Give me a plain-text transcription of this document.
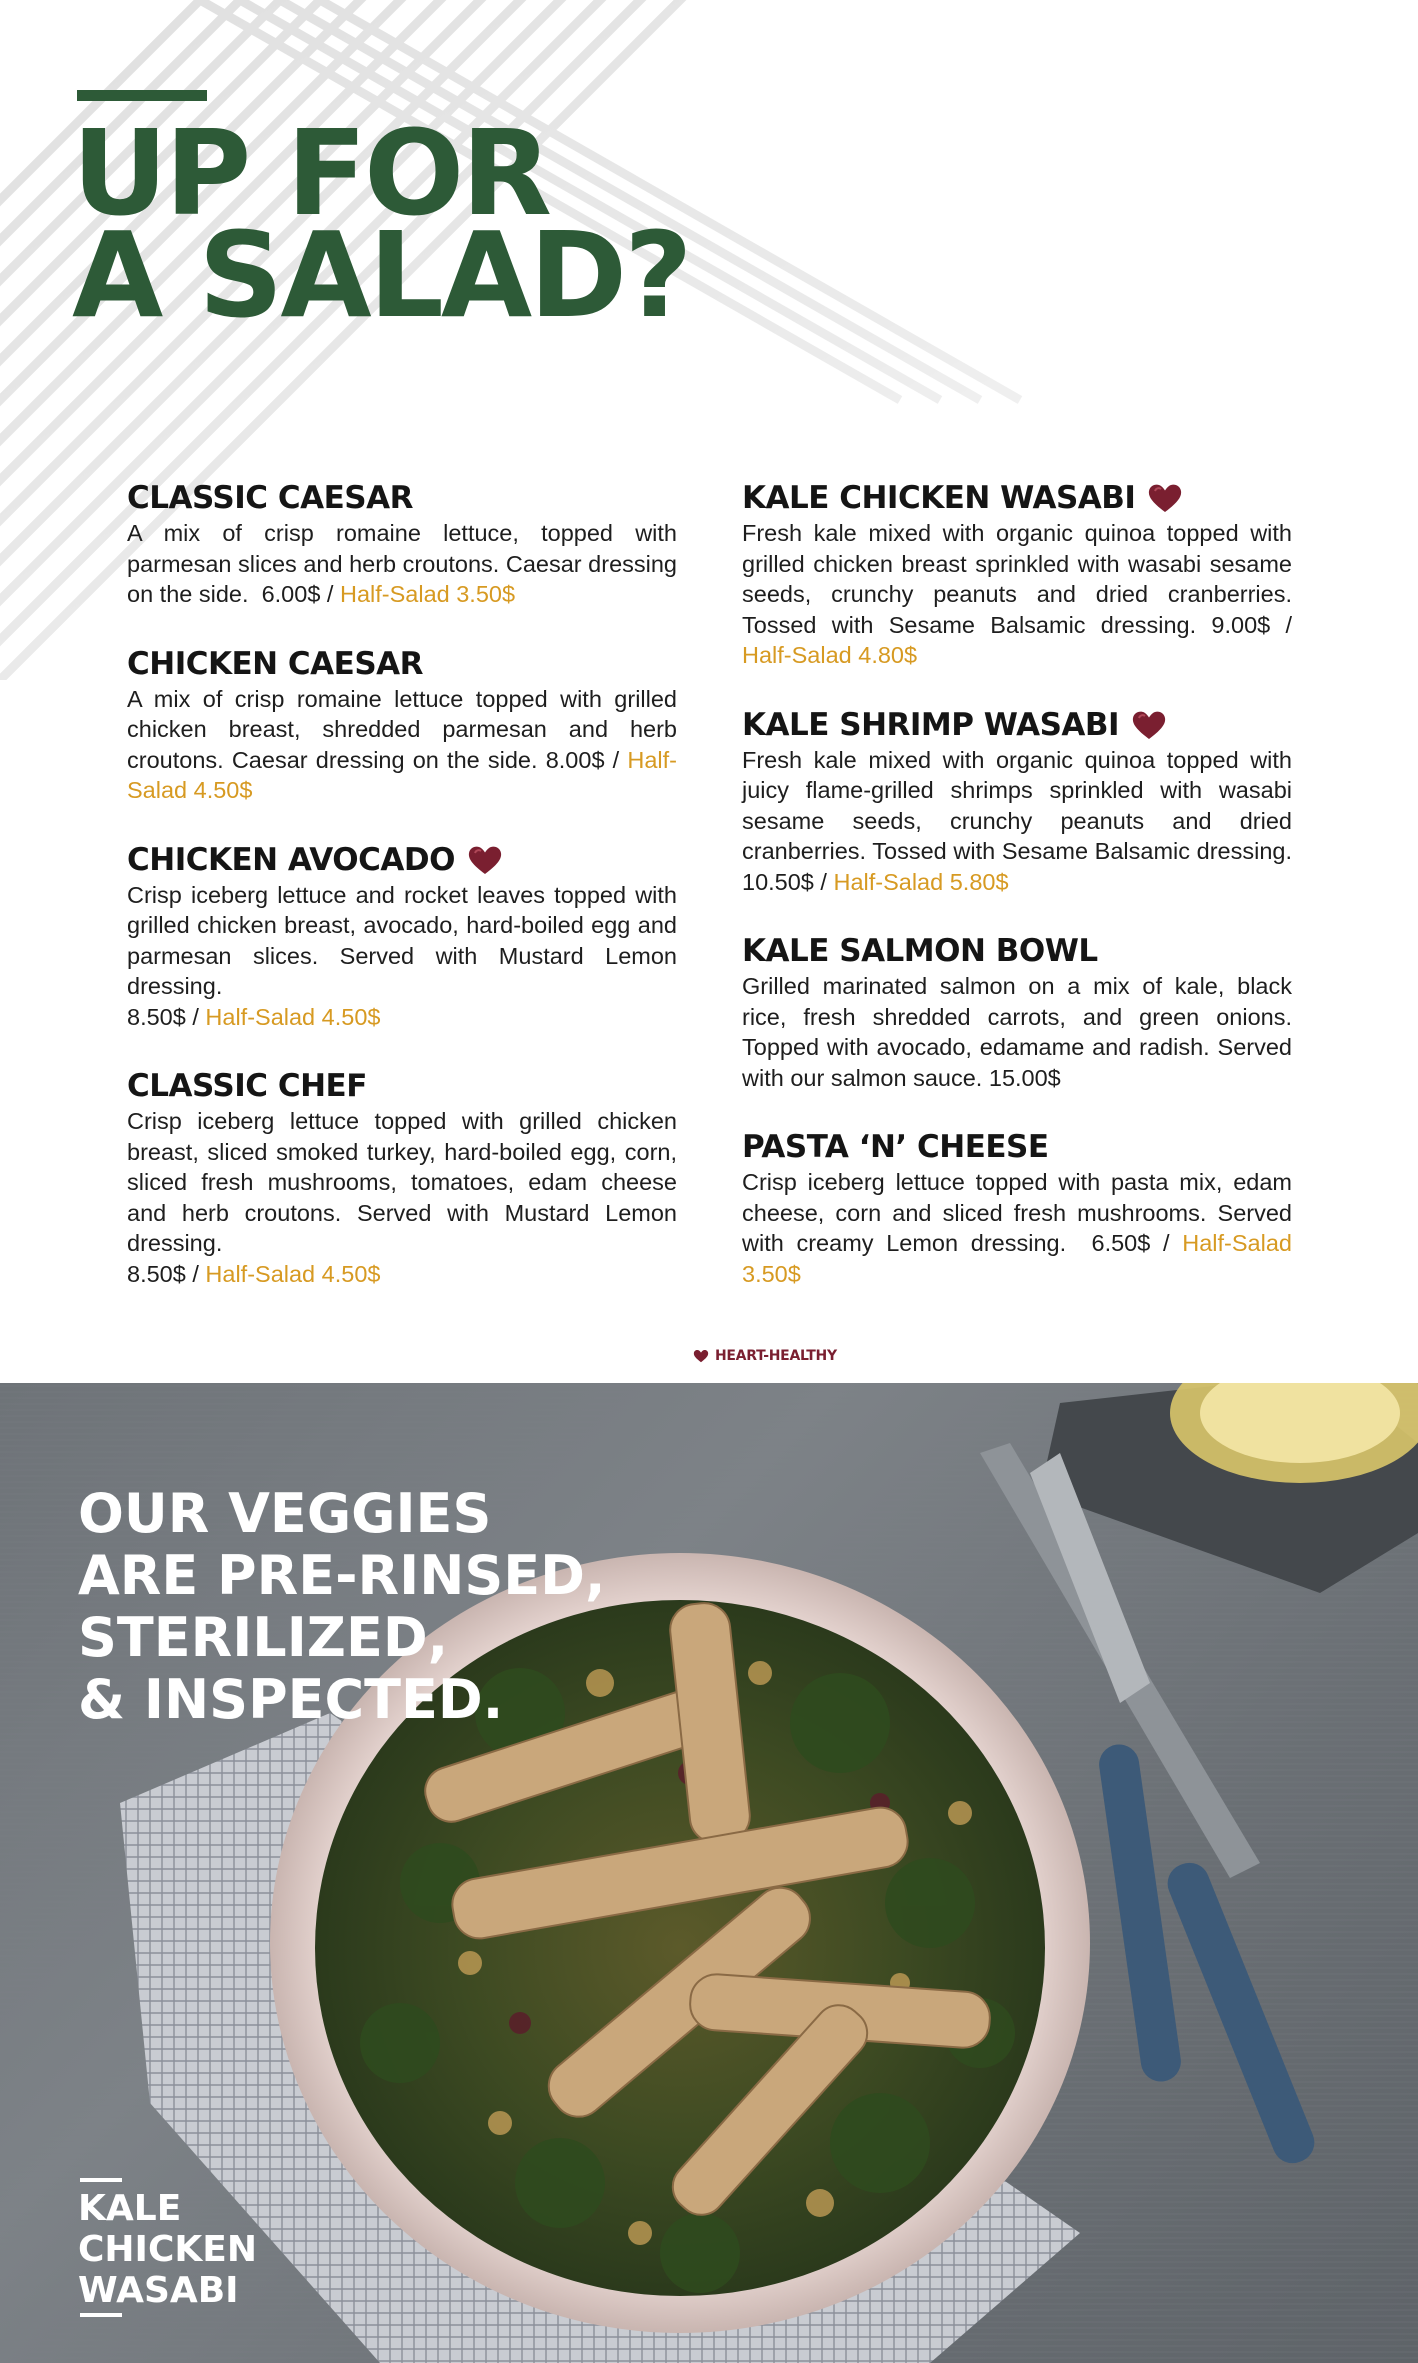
UP FOR
A SALAD?
CLASSIC CAESAR

A mix of crisp romaine lettuce, topped with parmesan slices and herb croutons. Caesar dressing on the side. 6.00$ / Half-Salad 3.50$

CHICKEN CAESAR

A mix of crisp romaine lettuce topped with grilled chicken breast, shredded parmesan and herb croutons. Caesar dressing on the side. 8.00$ / Half-Salad 4.50$

CHICKEN AVOCADO

Crisp iceberg lettuce and rocket leaves topped with grilled chicken breast, avocado, hard-boiled egg and parmesan slices. Served with Mustard Lemon dressing.
8.50$ / Half-Salad 4.50$

CLASSIC CHEF

Crisp iceberg lettuce topped with grilled chicken breast, sliced smoked turkey, hard-boiled egg, corn, sliced fresh mushrooms, tomatoes, edam cheese and herb croutons. Served with Mustard Lemon dressing.
8.50$ / Half-Salad 4.50$

KALE CHICKEN WASABI

Fresh kale mixed with organic quinoa topped with grilled chicken breast sprinkled with wasabi sesame seeds, crunchy peanuts and dried cranberries. Tossed with Sesame Balsamic dressing. 9.00$ / Half-Salad 4.80$

KALE SHRIMP WASABI

Fresh kale mixed with organic quinoa topped with juicy flame-grilled shrimps sprinkled with wasabi sesame seeds, crunchy peanuts and dried cranberries. Tossed with Sesame Balsamic dressing. 10.50$ / Half-Salad 5.80$

KALE SALMON BOWL

Grilled marinated salmon on a mix of kale, black rice, fresh shredded carrots, and green onions. Topped with avocado, edamame and radish. Served with our salmon sauce. 15.00$

PASTA ‘N’ CHEESE

Crisp iceberg lettuce topped with pasta mix, edam cheese, corn and sliced fresh mushrooms. Served with creamy Lemon dressing. 6.50$ / Half-Salad 3.50$

HEART-HEALTHY
OUR VEGGIES
ARE PRE-RINSED,
STERILIZED,
& INSPECTED.
KALE
CHICKEN
WASABI
